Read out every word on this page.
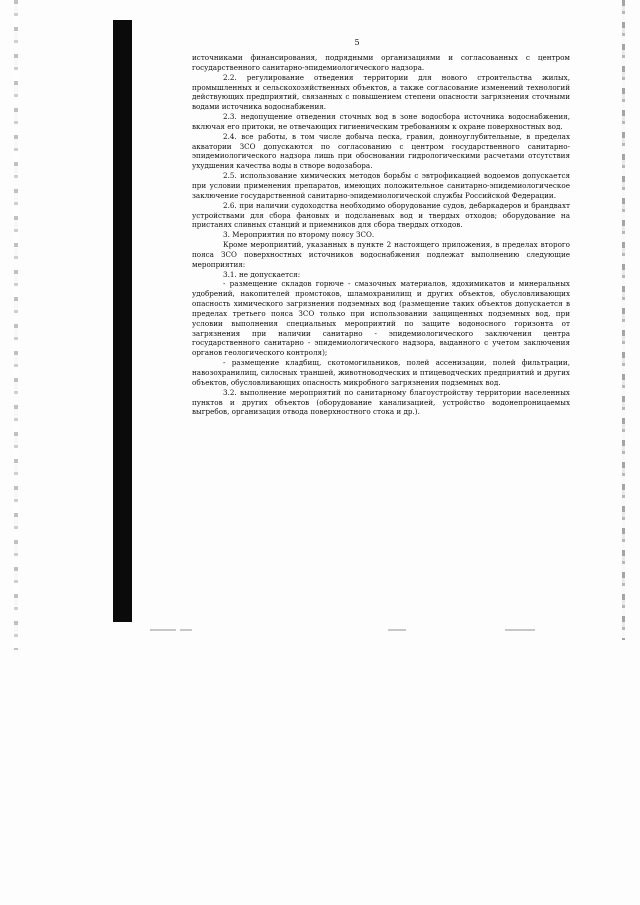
5

источниками финансирования, подрядными организациями и согласованных с центром государственного санитарно-эпидемиологического надзора.

2.2. регулирование отведения территории для нового строительства жилых, промышленных и сельскохозяйственных объектов, а также согласование изменений технологий действующих предприятий, связанных с повышением степени опасности загрязнения сточными водами источника водоснабжения.

2.3. недопущение отведения сточных вод в зоне водосбора источника водоснабжения, включая его притоки, не отвечающих гигиеническим требованиям к охране поверхностных вод.

2.4. все работы, в том числе добыча песка, гравия, донноуглубительные, в пределах акватории ЗСО допускаются по согласованию с центром государственного санитарно-эпидемиологического надзора лишь при обосновании гидрологическими расчетами отсутствия ухудшения качества воды в створе водозабора.

2.5. использование химических методов борьбы с эвтрофикацией водоемов допускается при условии применения препаратов, имеющих положительное санитарно-эпидемиологическое заключение государственной санитарно-эпидемиологической службы Российской Федерации.

2.6. при наличии судоходства необходимо оборудование судов, дебаркадеров и брандвахт устройствами для сбора фановых и подсланевых вод и твердых отходов; оборудование на пристанях сливных станций и приемников для сбора твердых отходов.

3. Мероприятия по второму поясу ЗСО.

Кроме мероприятий, указанных в пункте 2 настоящего приложения, в пределах второго пояса ЗСО поверхностных источников водоснабжения подлежат выполнению следующие мероприятия:

3.1. не допускается:

- размещение складов горюче - смазочных материалов, ядохимикатов и минеральных удобрений, накопителей промстоков, шламохранилищ и других объектов, обусловливающих опасность химического загрязнения подземных вод (размещение таких объектов допускается в пределах третьего пояса ЗСО только при использовании защищенных подземных вод, при условии выполнения специальных мероприятий по защите водоносного горизонта от загрязнения при наличии санитарно - эпидемиологического заключения центра государственного санитарно - эпидемиологического надзора, выданного с учетом заключения органов геологического контроля);

- размещение кладбищ, скотомогильников, полей ассенизации, полей фильтрации, навозохранилищ, силосных траншей, животноводческих и птицеводческих предприятий и других объектов, обусловливающих опасность микробного загрязнения подземных вод.

3.2. выполнение мероприятий по санитарному благоустройству территории населенных пунктов и других объектов (оборудование канализацией, устройство водонепроницаемых выгребов, организация отвода поверхностного стока и др.).
